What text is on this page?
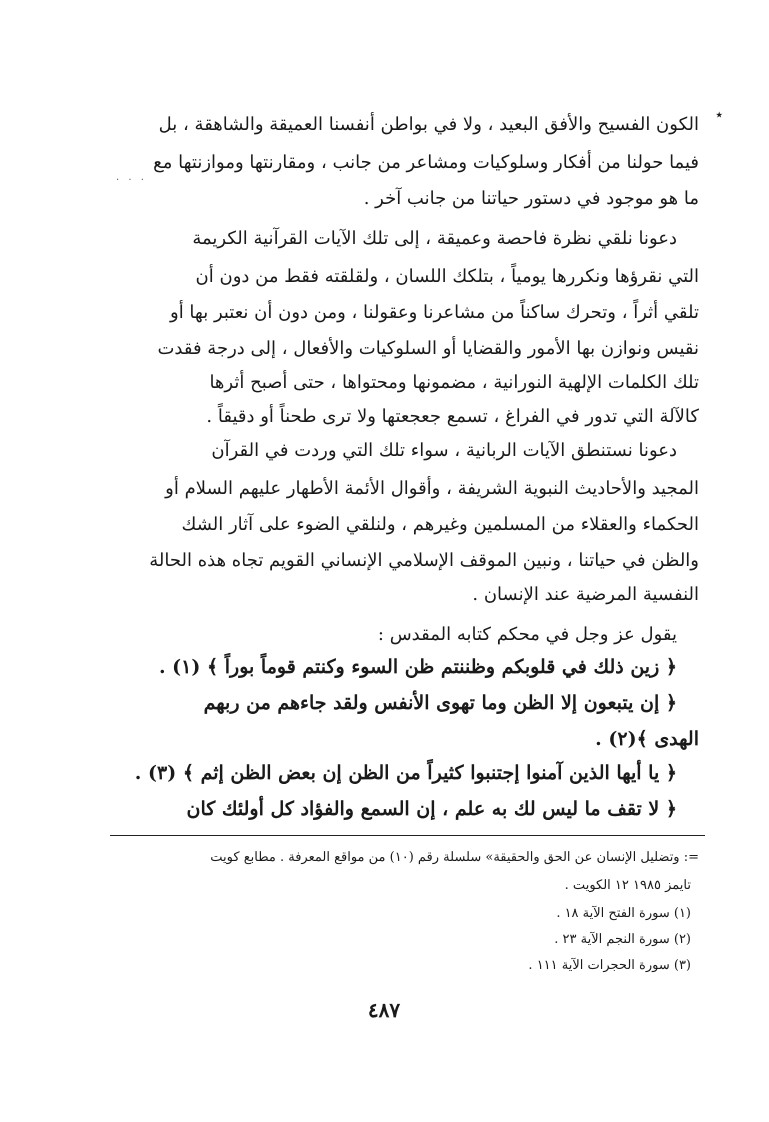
٭
. . .
الكون الفسيح والأفق البعيد ، ولا في بواطن أنفسنا العميقة والشاهقة ، بل
فيما حولنا من أفكار وسلوكيات ومشاعر من جانب ، ومقارنتها وموازنتها مع
ما هو موجود في دستور حياتنا من جانب آخر .
دعونا نلقي نظرة فاحصة وعميقة ، إلى تلك الآيات القرآنية الكريمة
التي نقرؤها ونكررها يومياً ، بتلكك اللسان ، ولقلقته فقط من دون أن
تلقي أثراً ، وتحرك ساكناً من مشاعرنا وعقولنا ، ومن دون أن نعتبر بها أو
نقيس ونوازن بها الأمور والقضايا أو السلوكيات والأفعال ، إلى درجة فقدت
تلك الكلمات الإلهية النورانية ، مضمونها ومحتواها ، حتى أصبح أثرها
كالآلة التي تدور في الفراغ ، تسمع جعجعتها ولا ترى طحناً أو دقيقاً .
دعونا نستنطق الآيات الربانية ، سواء تلك التي وردت في القرآن
المجيد والأحاديث النبوية الشريفة ، وأقوال الأئمة الأطهار عليهم السلام أو
الحكماء والعقلاء من المسلمين وغيرهم ، ولنلقي الضوء على آثار الشك
والظن في حياتنا ، ونبين الموقف الإسلامي الإنساني القويم تجاه هذه الحالة
النفسية المرضية عند الإنسان .
يقول عز وجل في محكم كتابه المقدس :
﴿ زين ذلك في قلوبكم وظننتم ظن السوء وكنتم قوماً بوراً ﴾ (١) .
﴿ إن يتبعون إلا الظن وما تهوى الأنفس ولقد جاءهم من ربهم
الهدى ﴾(٢) .
﴿ يا أيها الذين آمنوا إجتنبوا كثيراً من الظن إن بعض الظن إثم ﴾ (٣) .
﴿ لا تقف ما ليس لك به علم ، إن السمع والفؤاد كل أولئك كان
=: وتضليل الإنسان عن الحق والحقيقة» سلسلة رقم (١٠) من مواقع المعرفة . مطابع كويت
تايمز ١٩٨٥ ١٢ الكويت .
(١) سورة الفتح الآية ١٨ .
(٢) سورة النجم الآية ٢٣ .
(٣) سورة الحجرات الآية ١١١ .
٤٨٧
